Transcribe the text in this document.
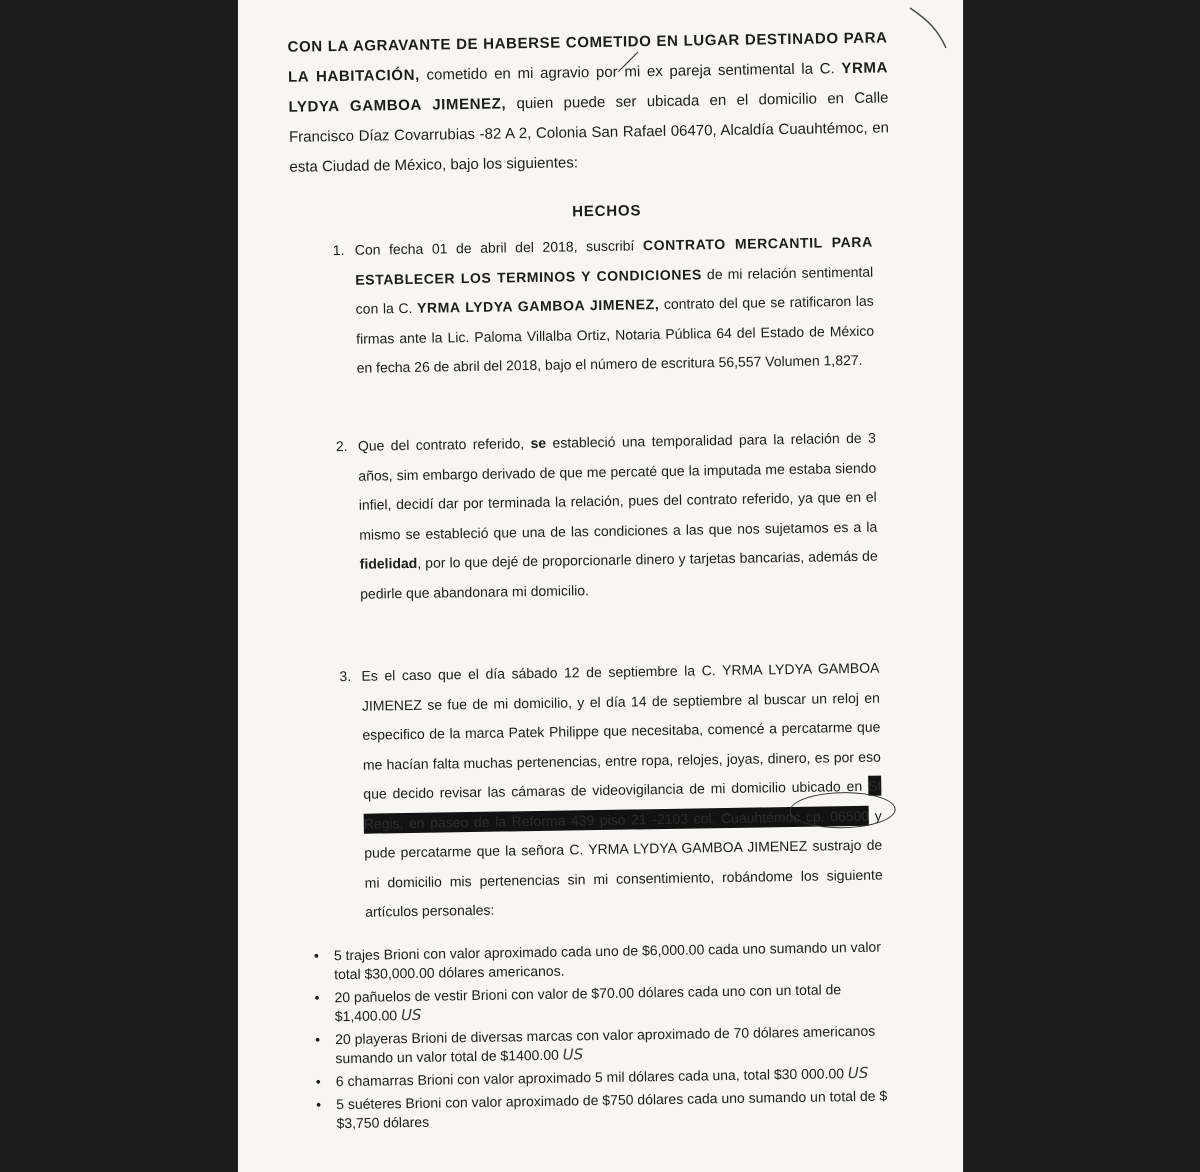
CON LA AGRAVANTE DE HABERSE COMETIDO EN LUGAR DESTINADO PARA LA HABITACIÓN, cometido en mi agravio por mi ex pareja sentimental la C. YRMA LYDYA GAMBOA JIMENEZ, quien puede ser ubicada en el domicilio en Calle Francisco Díaz Covarrubias -82 A 2, Colonia San Rafael 06470, Alcaldía Cuauhtémoc, en esta Ciudad de México, bajo los siguientes:
HECHOS
1. Con fecha 01 de abril del 2018, suscribí CONTRATO MERCANTIL PARA ESTABLECER LOS TERMINOS Y CONDICIONES de mi relación sentimental con la C. YRMA LYDYA GAMBOA JIMENEZ, contrato del que se ratificaron las firmas ante la Lic. Paloma Villalba Ortiz, Notaria Pública 64 del Estado de México en fecha 26 de abril del 2018, bajo el número de escritura 56,557 Volumen 1,827.
2. Que del contrato referido, se estableció una temporalidad para la relación de 3 años, sim embargo derivado de que me percaté que la imputada me estaba siendo infiel, decidí dar por terminada la relación, pues del contrato referido, ya que en el mismo se estableció que una de las condiciones a las que nos sujetamos es a la fidelidad, por lo que dejé de proporcionarle dinero y tarjetas bancarias, además de pedirle que abandonara mi domicilio.
3. Es el caso que el día sábado 12 de septiembre la C. YRMA LYDYA GAMBOA JIMENEZ se fue de mi domicilio, y el día 14 de septiembre al buscar un reloj en especifico de la marca Patek Philippe que necesitaba, comencé a percatarme que me hacían falta muchas pertenencias, entre ropa, relojes, joyas, dinero, es por eso que decido revisar las cámaras de videovigilancia de mi domicilio ubicado en St Regis, en paseo de la Reforma 439 piso 21 -2103 col. Cuauhtémoc cp. 06500 y pude percatarme que la señora C. YRMA LYDYA GAMBOA JIMENEZ sustrajo de mi domicilio mis pertenencias sin mi consentimiento, robándome los siguiente artículos personales:
• 5 trajes Brioni con valor aproximado cada uno de $6,000.00 cada uno sumando un valor total $30,000.00 dólares americanos.
• 20 pañuelos de vestir Brioni con valor de $70.00 dólares cada uno con un total de $1,400.00 US
• 20 playeras Brioni de diversas marcas con valor aproximado de 70 dólares americanos sumando un valor total de $1400.00 US
• 6 chamarras Brioni con valor aproximado 5 mil dólares cada una, total $30 000.00 US
• 5 suéteres Brioni con valor aproximado de $750 dólares cada uno sumando un total de $ $3,750 dólares
